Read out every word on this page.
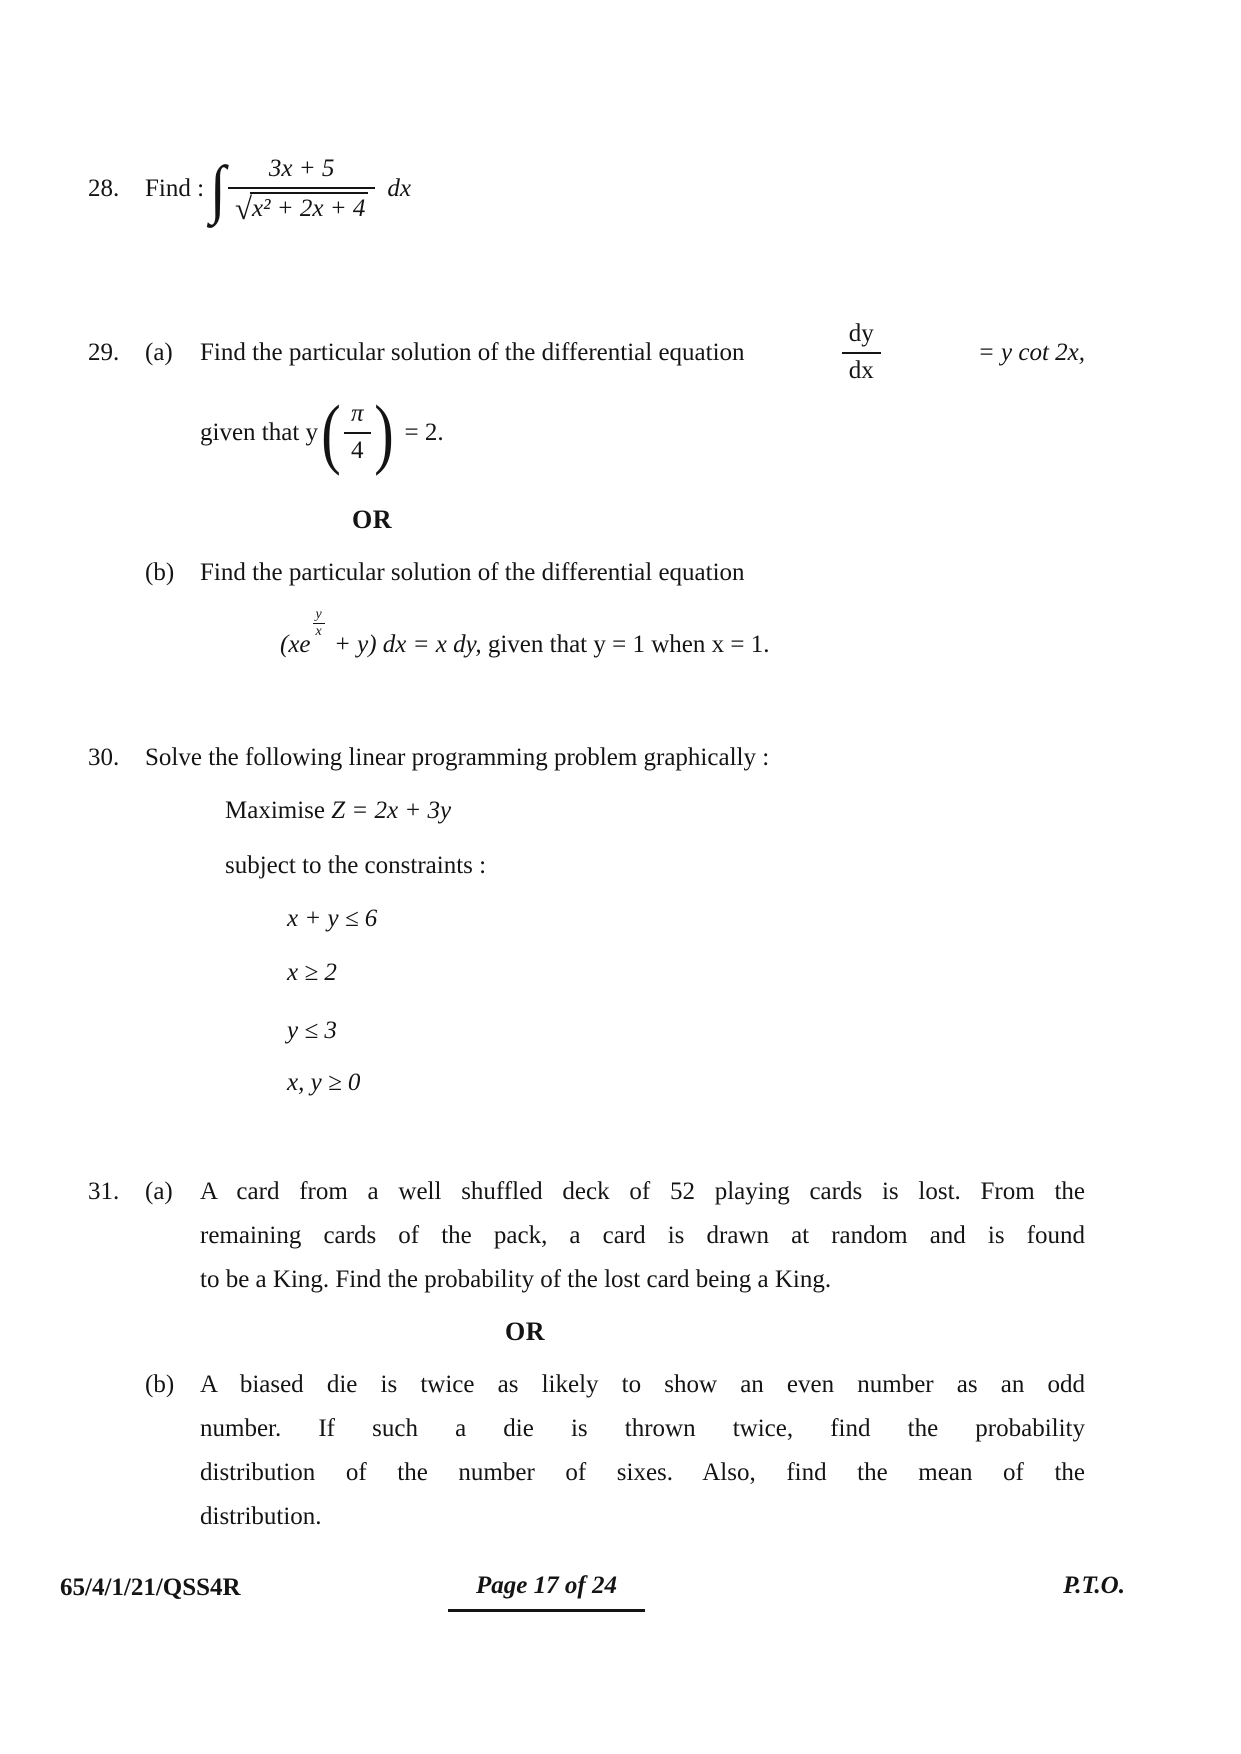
28.	Find : ∫ $\frac{3x + 5}{\text{√x² + 2x + 4}}$ dx
29.	(a)	Find the particular solution of the differential equation	$\frac{dy}{dx}$	= y cot 2x,
given that y ( $\frac{\pi}{4}$ ) = 2.
OR
(b)	Find the particular solution of the differential equation
(xe
$\frac{y}{x}$
+ y) dx = x dy, given that y = 1 when x = 1.
30.	Solve the following linear programming problem graphically :
Maximise Z = 2x + 3y
subject to the constraints :
x + y ≤ 6
x ≥ 2
y ≤ 3
x, y ≥ 0
31.	(a)	A card from a well shuffled deck of 52 playing cards is lost. From the
remaining cards of the pack, a card is drawn at random and is found
to be a King. Find the probability of the lost card being a King.
OR
(b)	A biased die is twice as likely to show an even number as an odd
number. If such a die is thrown twice, find the probability
distribution of the number of sixes. Also, find the mean of the
distribution.
65/4/1/21/QSS4R	Page 17 of 24	P.T.O.
